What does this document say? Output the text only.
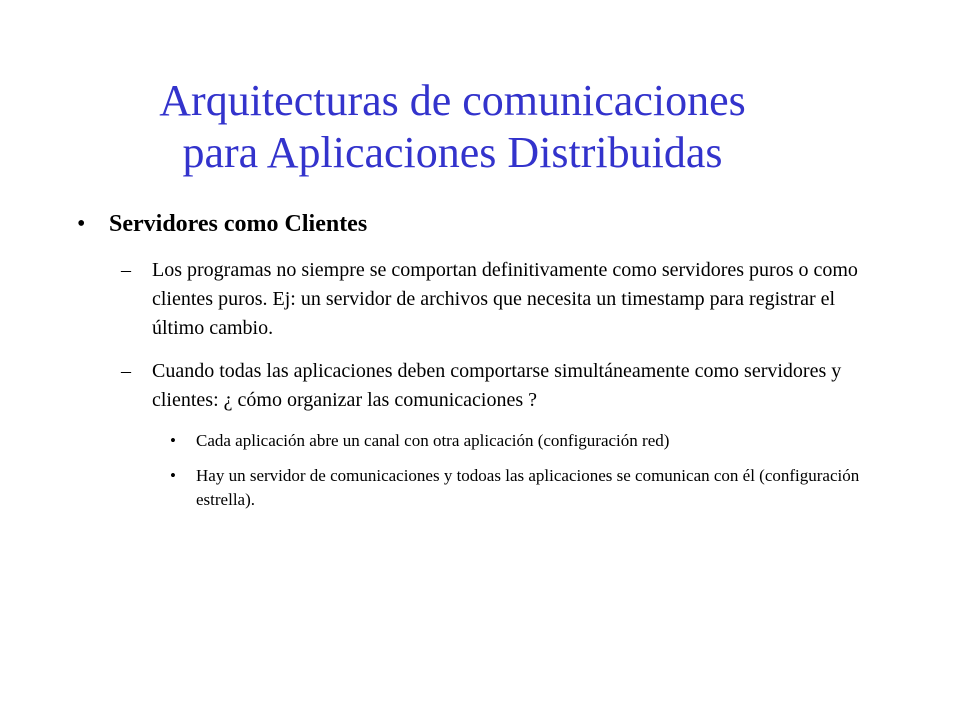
Arquitecturas de comunicaciones
para Aplicaciones Distribuidas

• Servidores como Clientes

– Los programas no siempre se comportan definitivamente como servidores puros o como clientes puros. Ej: un servidor de archivos que necesita un timestamp para registrar el último cambio.

– Cuando todas las aplicaciones deben comportarse simultáneamente como servidores y clientes: ¿ cómo organizar las comunicaciones ?

• Cada aplicación abre un canal con otra aplicación (configuración red)

• Hay un servidor de comunicaciones y todoas las aplicaciones se comunican con él (configuración estrella).
